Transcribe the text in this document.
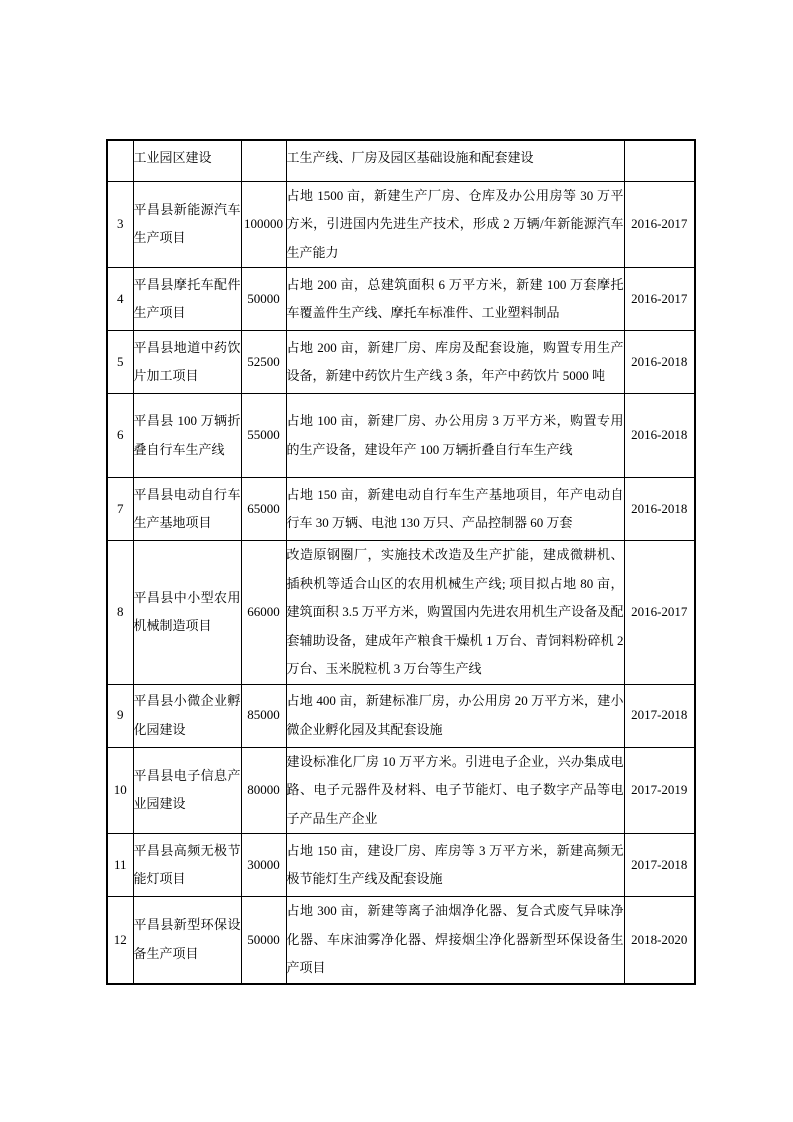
	工业园区建设		工生产线、厂房及园区基础设施和配套建设	
3	平昌县新能源汽车生产项目	100000	占地 1500 亩，新建生产厂房、仓库及办公用房等 30 万平方米，引进国内先进生产技术，形成 2 万辆/年新能源汽车生产能力	2016-2017
4	平昌县摩托车配件生产项目	50000	占地 200 亩，总建筑面积 6 万平方米，新建 100 万套摩托车覆盖件生产线、摩托车标准件、工业塑料制品	2016-2017
5	平昌县地道中药饮片加工项目	52500	占地 200 亩，新建厂房、库房及配套设施，购置专用生产设备，新建中药饮片生产线 3 条，年产中药饮片 5000 吨	2016-2018
6	平昌县 100 万辆折叠自行车生产线	55000	占地 100 亩，新建厂房、办公用房 3 万平方米，购置专用的生产设备，建设年产 100 万辆折叠自行车生产线	2016-2018
7	平昌县电动自行车生产基地项目	65000	占地 150 亩，新建电动自行车生产基地项目，年产电动自行车 30 万辆、电池 130 万只、产品控制器 60 万套	2016-2018
8	平昌县中小型农用机械制造项目	66000	改造原钢圈厂，实施技术改造及生产扩能，建成微耕机、插秧机等适合山区的农用机械生产线; 项目拟占地 80 亩，建筑面积 3.5 万平方米，购置国内先进农用机生产设备及配套辅助设备，建成年产粮食干燥机 1 万台、青饲料粉碎机 2 万台、玉米脱粒机 3 万台等生产线	2016-2017
9	平昌县小微企业孵化园建设	85000	占地 400 亩，新建标准厂房，办公用房 20 万平方米，建小微企业孵化园及其配套设施	2017-2018
10	平昌县电子信息产业园建设	80000	建设标准化厂房 10 万平方米。引进电子企业，兴办集成电路、电子元器件及材料、电子节能灯、电子数字产品等电子产品生产企业	2017-2019
11	平昌县高频无极节能灯项目	30000	占地 150 亩，建设厂房、库房等 3 万平方米，新建高频无极节能灯生产线及配套设施	2017-2018
12	平昌县新型环保设备生产项目	50000	占地 300 亩，新建等离子油烟净化器、复合式废气异味净化器、车床油雾净化器、焊接烟尘净化器新型环保设备生产项目	2018-2020
